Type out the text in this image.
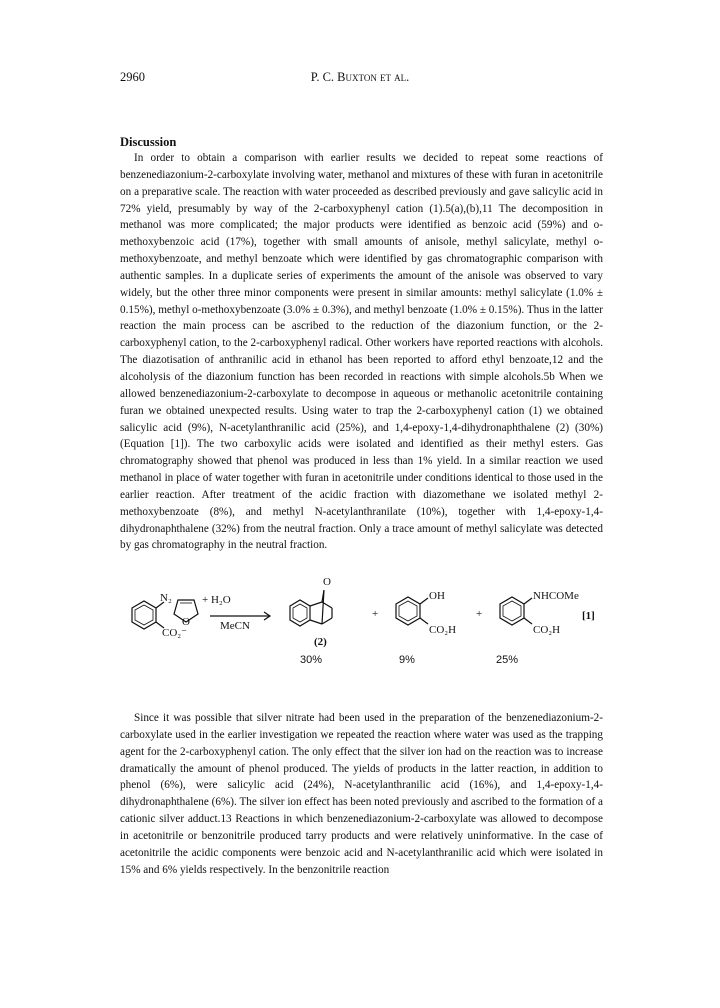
2960	P. C. Buxton et al.
Discussion

In order to obtain a comparison with earlier results we decided to repeat some reactions of benzenediazonium-2-carboxylate involving water, methanol and mixtures of these with furan in acetonitrile on a preparative scale. The reaction with water proceeded as described previously and gave salicylic acid in 72% yield, presumably by way of the 2-carboxyphenyl cation (1).5(a),(b),11 The decomposition in methanol was more complicated; the major products were identified as benzoic acid (59%) and o-methoxybenzoic acid (17%), together with small amounts of anisole, methyl salicylate, methyl o-methoxybenzoate, and methyl benzoate which were identified by gas chromatographic comparison with authentic samples. In a duplicate series of experiments the amount of the anisole was observed to vary widely, but the other three minor components were present in similar amounts: methyl salicylate (1.0% ± 0.15%), methyl o-methoxybenzoate (3.0% ± 0.3%), and methyl benzoate (1.0% ± 0.15%). Thus in the latter reaction the main process can be ascribed to the reduction of the diazonium function, or the 2-carboxyphenyl cation, to the 2-carboxyphenyl radical. Other workers have reported reactions with alcohols. The diazotisation of anthranilic acid in ethanol has been reported to afford ethyl benzoate,12 and the alcoholysis of the diazonium function has been recorded in reactions with simple alcohols.5b When we allowed benzenediazonium-2-carboxylate to decompose in aqueous or methanolic acetonitrile containing furan we obtained unexpected results. Using water to trap the 2-carboxyphenyl cation (1) we obtained salicylic acid (9%), N-acetylanthranilic acid (25%), and 1,4-epoxy-1,4-dihydronaphthalene (2) (30%) (Equation [1]). The two carboxylic acids were isolated and identified as their methyl esters. Gas chromatography showed that phenol was produced in less than 1% yield. In a similar reaction we used methanol in place of water together with furan in acetonitrile under conditions identical to those used in the earlier reaction. After treatment of the acidic fraction with diazomethane we isolated methyl 2-methoxybenzoate (8%), and methyl N-acetylanthranilate (10%), together with 1,4-epoxy-1,4-dihydronaphthalene (32%) from the neutral fraction. Only a trace amount of methyl salicylate was detected by gas chromatography in the neutral fraction.

N₂
CO₂⁻
O
+ H₂O
MeCN
O
(2)
+
OH
CO₂H
+
NHCOMe
CO₂H
[1]
30%	9%	25%

Since it was possible that silver nitrate had been used in the preparation of the benzenediazonium-2-carboxylate used in the earlier investigation we repeated the reaction where water was used as the trapping agent for the 2-carboxyphenyl cation. The only effect that the silver ion had on the reaction was to increase dramatically the amount of phenol produced. The yields of products in the latter reaction, in addition to phenol (6%), were salicylic acid (24%), N-acetylanthranilic acid (16%), and 1,4-epoxy-1,4-dihydronaphthalene (6%). The silver ion effect has been noted previously and ascribed to the formation of a cationic silver adduct.13 Reactions in which benzenediazonium-2-carboxylate was allowed to decompose in acetonitrile or benzonitrile produced tarry products and were relatively uninformative. In the case of acetonitrile the acidic components were benzoic acid and N-acetylanthranilic acid which were isolated in 15% and 6% yields respectively. In the benzonitrile reaction
